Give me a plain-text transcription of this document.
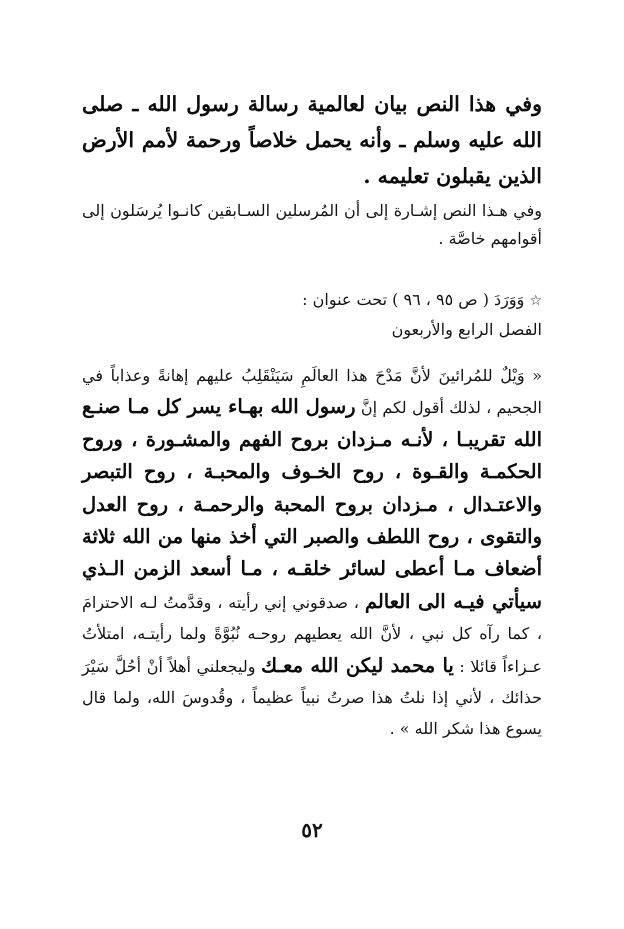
وفي هذا النص بيان لعالمية رسالة رسول الله ـ صلى الله عليه وسلم ـ وأنه يحمل خلاصاً ورحمة لأمم الأرض الذين يقبلون تعليمه .

وفي هـذا النص إشـارة إلى أن المُرسلين السـابقين كانـوا يُرسَلون إلى أقوامهم خاصَّة .

☆ وَوَرَدَ ( ص ٩٥ ، ٩٦ ) تحت عنوان :

الفصل الرابع والأربعون

« وَيْلٌ للمُرائينَ لأنَّ مَدْحَ هذا العالَمِ سَيَنْقَلِبُ عليهم إهانةً وعذاباً في الجحيم ، لذلك أقول لكم إنَّ رسول الله بهـاء يسر كل مـا صنـع الله تقريبـا ، لأنـه مـزدان بروح الفهم والمشـورة ، وروح الحكمـة والقـوة ، روح الخـوف والمحبـة ، روح التبصر والاعتـدال ، مـزدان بروح المحبة والرحمـة ، روح العدل والتقوى ، روح اللطف والصبر التي أخذ منها من الله ثلاثة أضعاف مـا أعطى لسائر خلقـه ، مـا أسعد الزمن الـذي سيأتي فيـه الى العالم ، صدقوني إني رأيته ، وقدَّمتُ لـه الاحترامَ ، كما رآه كل نبي ، لأنَّ الله يعطيهم روحـه نُبُوَّةً ولما رأيتـه، امتلأتُ عـزاءاً قائلا : يا محمد ليكن الله معـك وليجعلني أهلاً أنْ أحُلَّ سَيْرَ حذائك ، لأني إذا نلتُ هذا صرتُ نبياً عظيماً ، وقُدوسَ الله، ولما قال يسوع هذا شكر الله » .

٥٢
